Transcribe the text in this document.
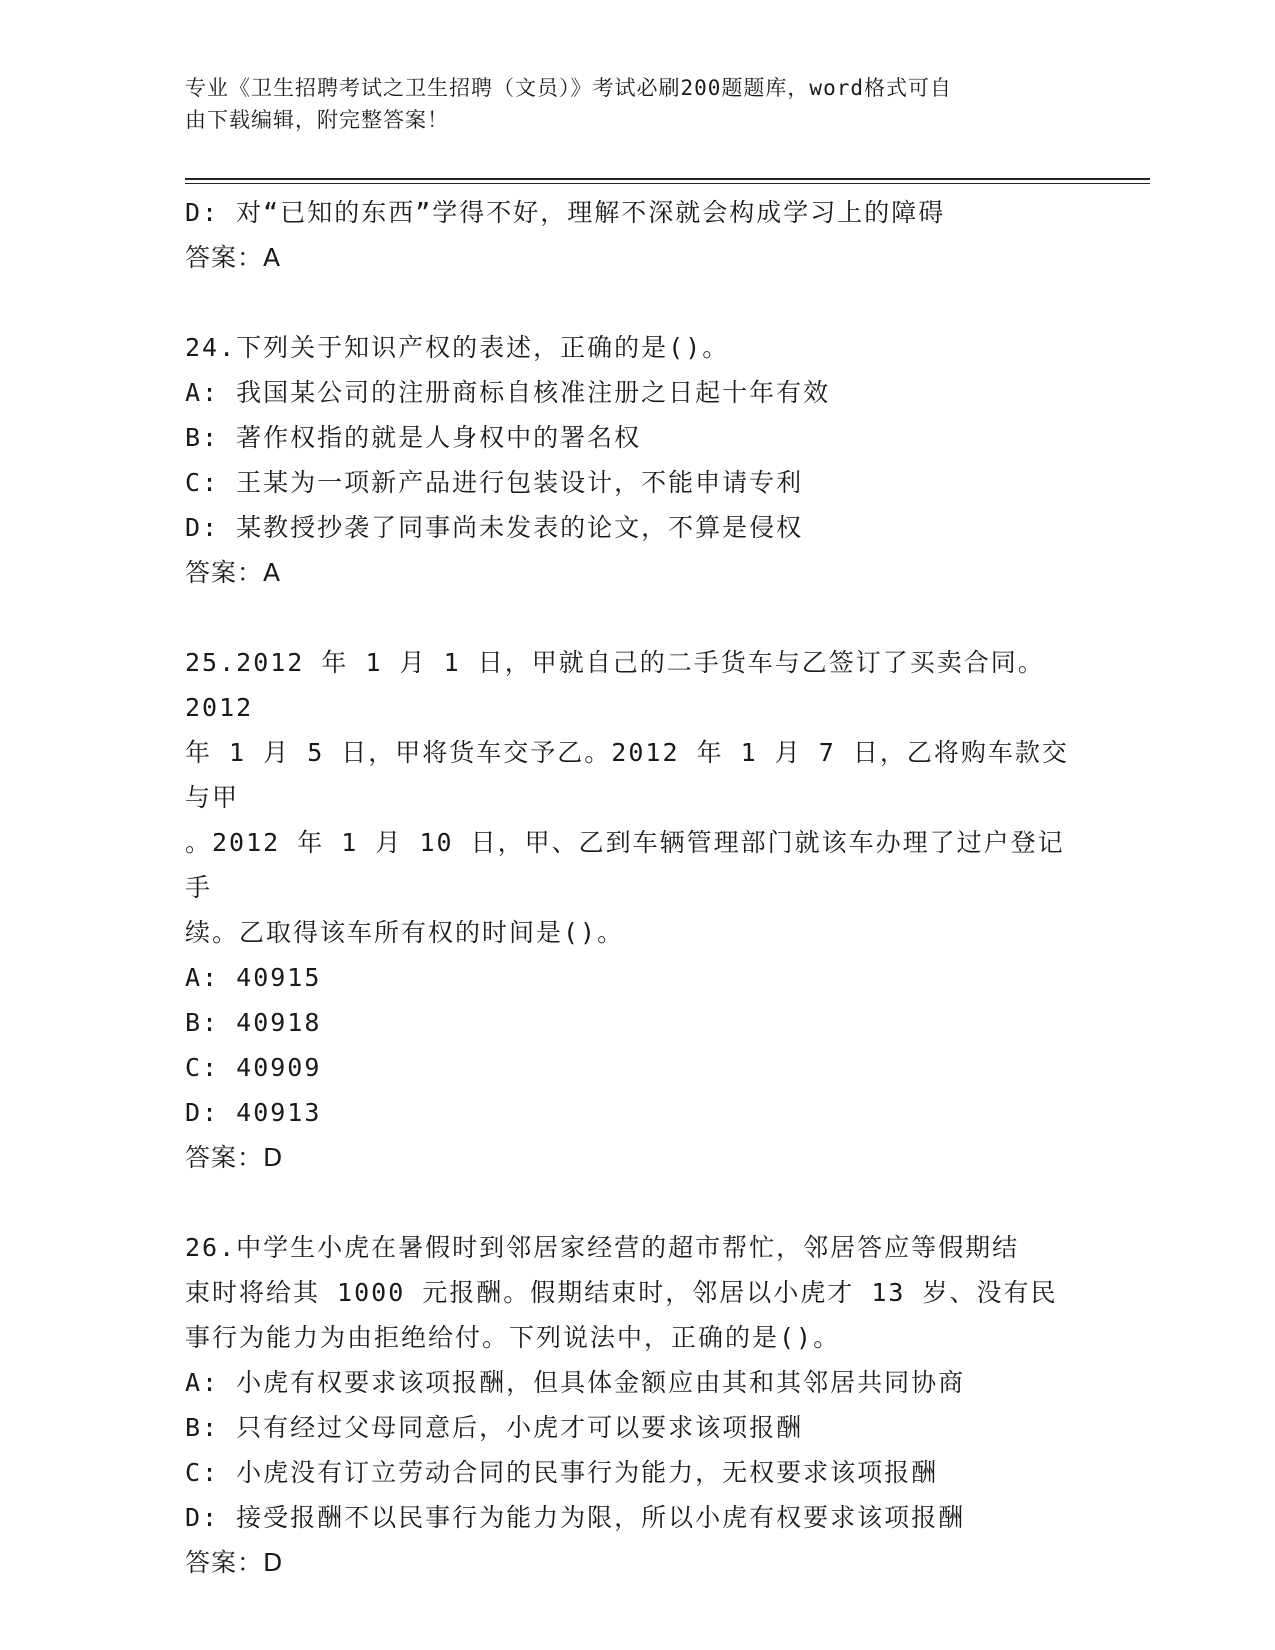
专业《卫生招聘考试之卫生招聘（文员）》考试必刷200题题库，word格式可自
由下载编辑，附完整答案！
D: 对“已知的东西”学得不好，理解不深就会构成学习上的障碍
答案：A
24.下列关于知识产权的表述，正确的是()。
A: 我国某公司的注册商标自核准注册之日起十年有效
B: 著作权指的就是人身权中的署名权
C: 王某为一项新产品进行包装设计，不能申请专利
D: 某教授抄袭了同事尚未发表的论文，不算是侵权
答案：A
25.2012 年 1 月 1 日，甲就自己的二手货车与乙签订了买卖合同。2012
年 1 月 5 日，甲将货车交予乙。2012 年 1 月 7 日，乙将购车款交与甲
。2012 年 1 月 10 日，甲、乙到车辆管理部门就该车办理了过户登记手
续。乙取得该车所有权的时间是()。
A: 40915
B: 40918
C: 40909
D: 40913
答案：D
26.中学生小虎在暑假时到邻居家经营的超市帮忙，邻居答应等假期结
束时将给其 1000 元报酬。假期结束时，邻居以小虎才 13 岁、没有民
事行为能力为由拒绝给付。下列说法中，正确的是()。
A: 小虎有权要求该项报酬，但具体金额应由其和其邻居共同协商
B: 只有经过父母同意后，小虎才可以要求该项报酬
C: 小虎没有订立劳动合同的民事行为能力，无权要求该项报酬
D: 接受报酬不以民事行为能力为限，所以小虎有权要求该项报酬
答案：D
